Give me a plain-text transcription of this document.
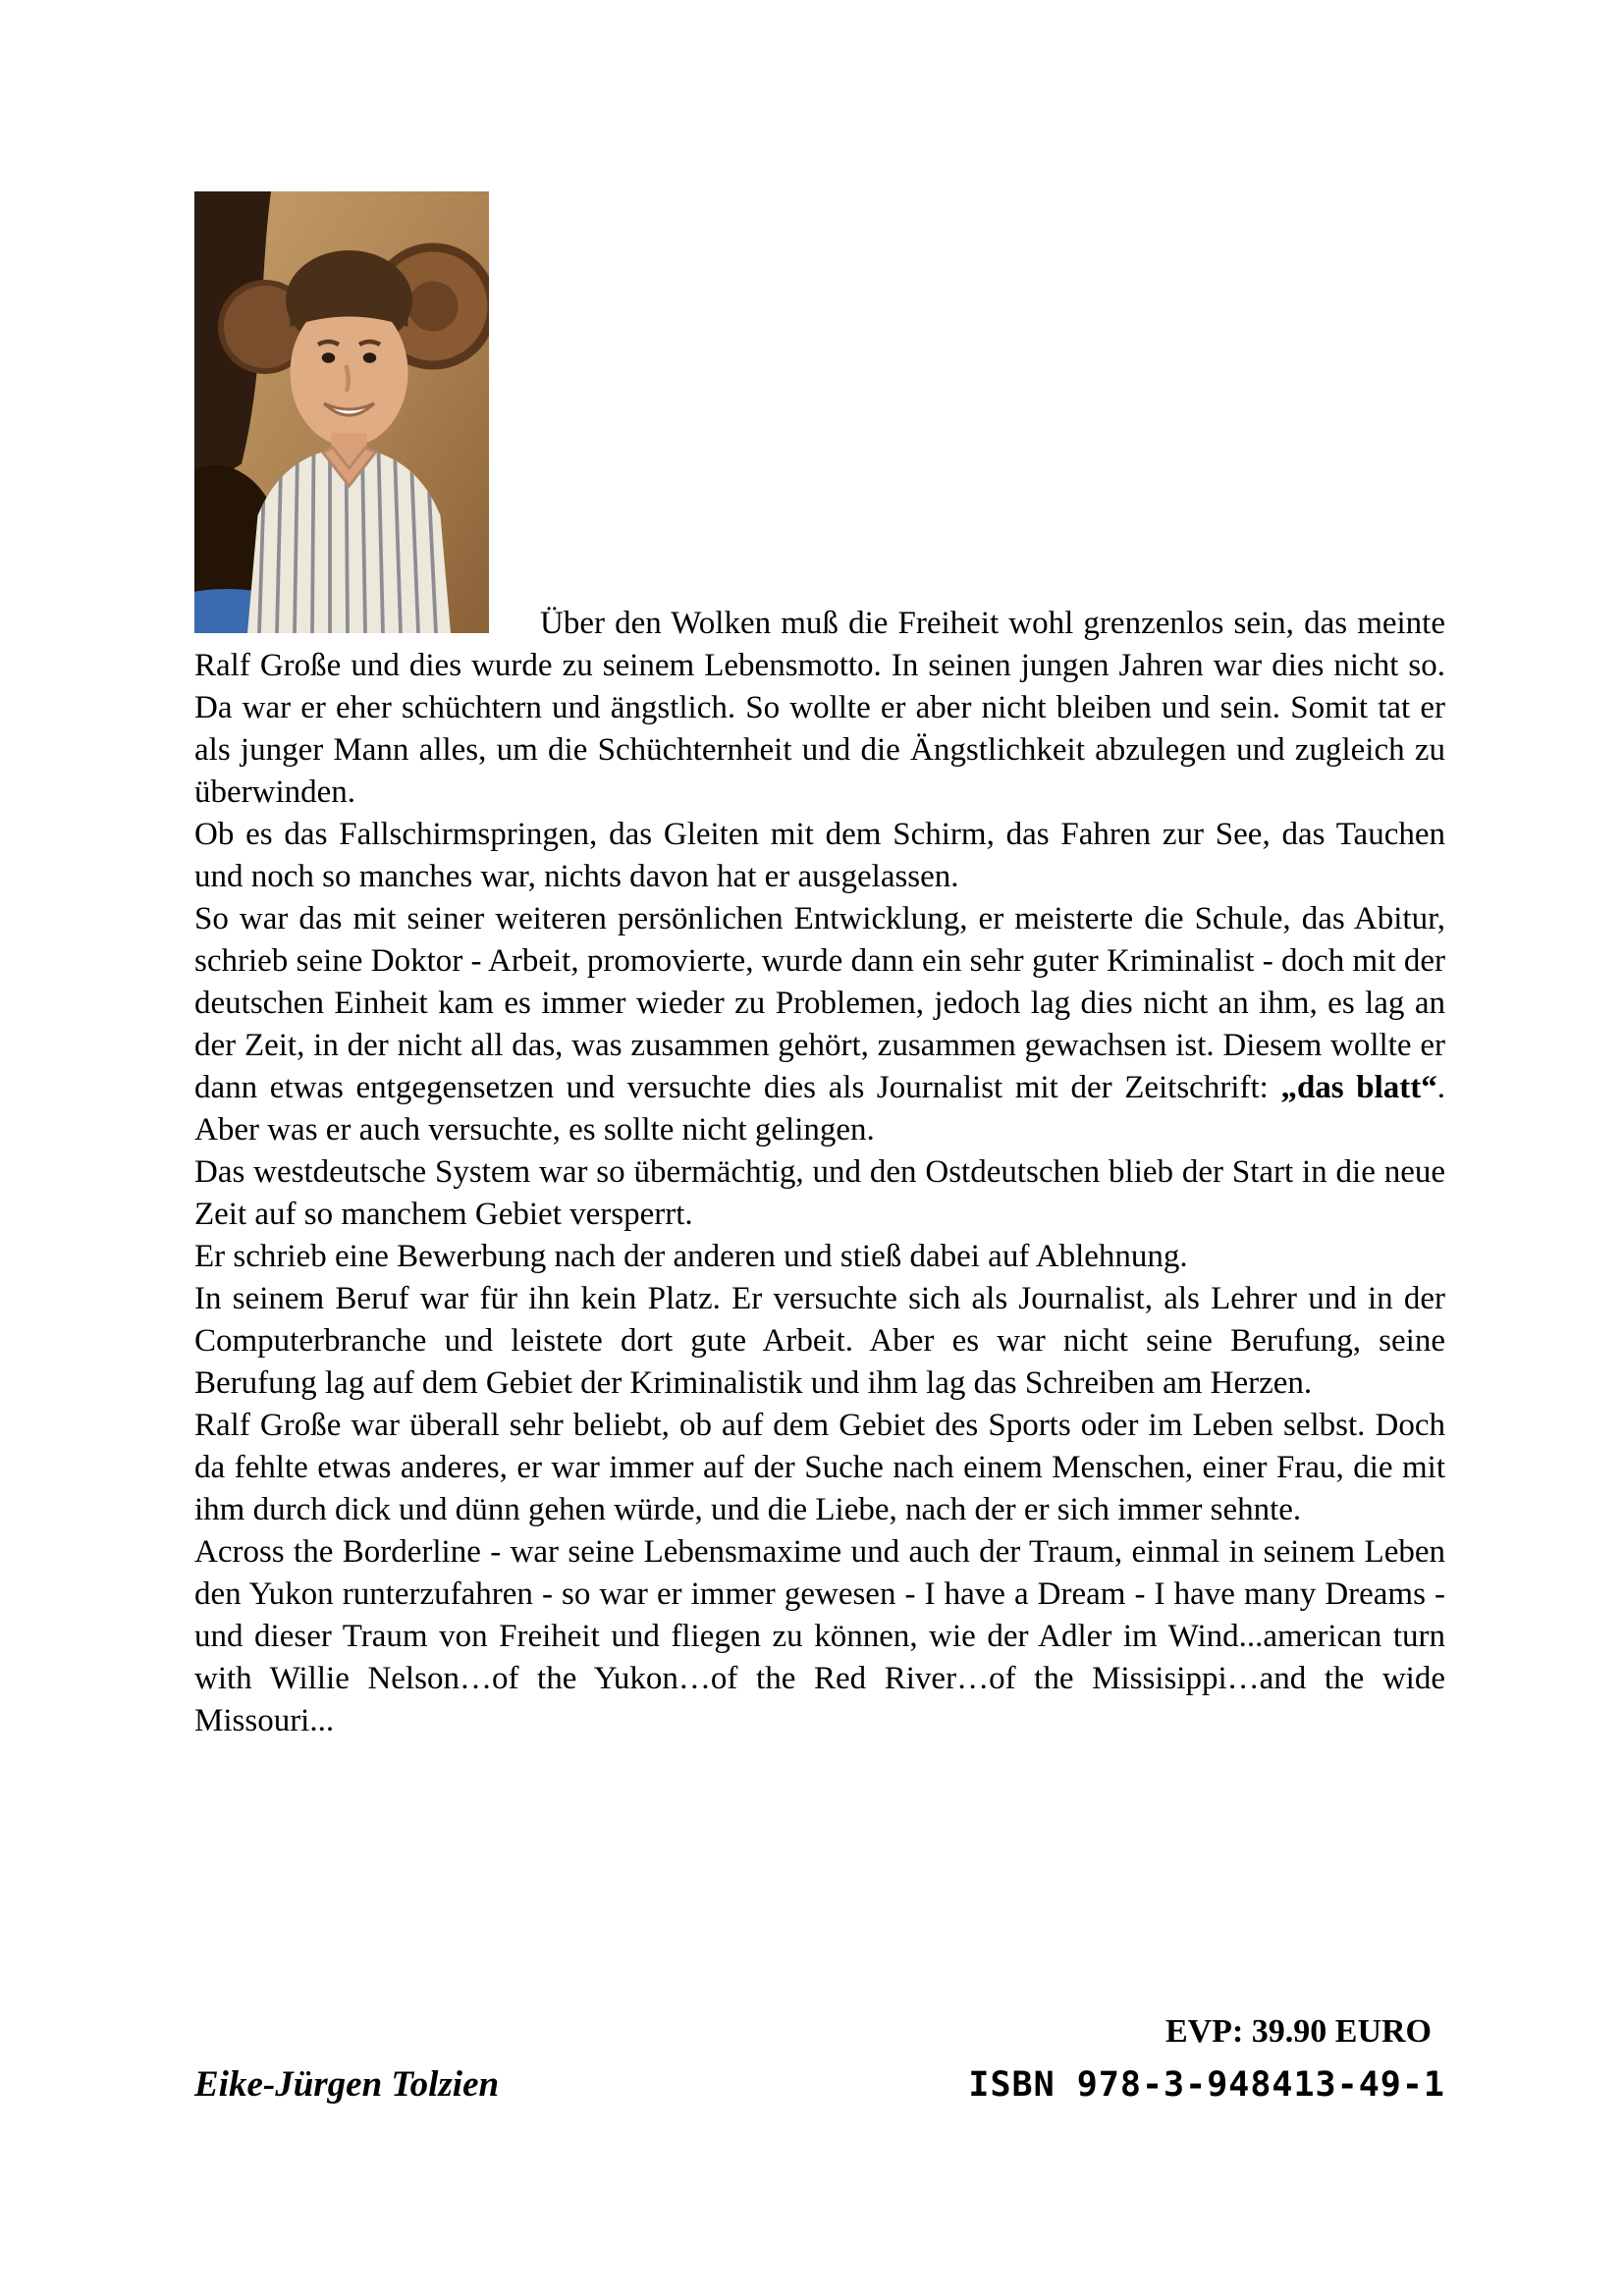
Über den Wolken muß die Freiheit wohl grenzenlos sein, das meinte Ralf Große und dies wurde zu seinem Lebensmotto. In seinen jungen Jahren war dies nicht so. Da war er eher schüchtern und ängstlich. So wollte er aber nicht bleiben und sein. Somit tat er als junger Mann alles, um die Schüchternheit und die Ängstlichkeit abzulegen und zugleich zu überwinden.

Ob es das Fallschirmspringen, das Gleiten mit dem Schirm, das Fahren zur See, das Tauchen und noch so manches war, nichts davon hat er ausgelassen.

So war das mit seiner weiteren persönlichen Entwicklung, er meisterte die Schule, das Abitur, schrieb seine Doktor - Arbeit, promovierte, wurde dann ein sehr guter Kriminalist - doch mit der deutschen Einheit kam es immer wieder zu Problemen, jedoch lag dies nicht an ihm, es lag an der Zeit, in der nicht all das, was zusammen gehört, zusammen gewachsen ist. Diesem wollte er dann etwas entgegensetzen und versuchte dies als Journalist mit der Zeitschrift: „das blatt“. Aber was er auch versuchte, es sollte nicht gelingen.

Das westdeutsche System war so übermächtig, und den Ostdeutschen blieb der Start in die neue Zeit auf so manchem Gebiet versperrt.

Er schrieb eine Bewerbung nach der anderen und stieß dabei auf Ablehnung.

In seinem Beruf war für ihn kein Platz. Er versuchte sich als Journalist, als Lehrer und in der Computerbranche und leistete dort gute Arbeit. Aber es war nicht seine Berufung, seine Berufung lag auf dem Gebiet der Kriminalistik und ihm lag das Schreiben am Herzen.

Ralf Große war überall sehr beliebt, ob auf dem Gebiet des Sports oder im Leben selbst. Doch da fehlte etwas anderes, er war immer auf der Suche nach einem Menschen, einer Frau, die mit ihm durch dick und dünn gehen würde, und die Liebe, nach der er sich immer sehnte.

Across the Borderline - war seine Lebensmaxime und auch der Traum, einmal in seinem Leben den Yukon runterzufahren - so war er immer gewesen - I have a Dream - I have many Dreams - und dieser Traum von Freiheit und fliegen zu können, wie der Adler im Wind...american turn with Willie Nelson…of the Yukon…of the Red River…of the Missisippi…and the wide Missouri...

EVP: 39.90 EURO
Eike-Jürgen Tolzien	ISBN 978-3-948413-49-1
